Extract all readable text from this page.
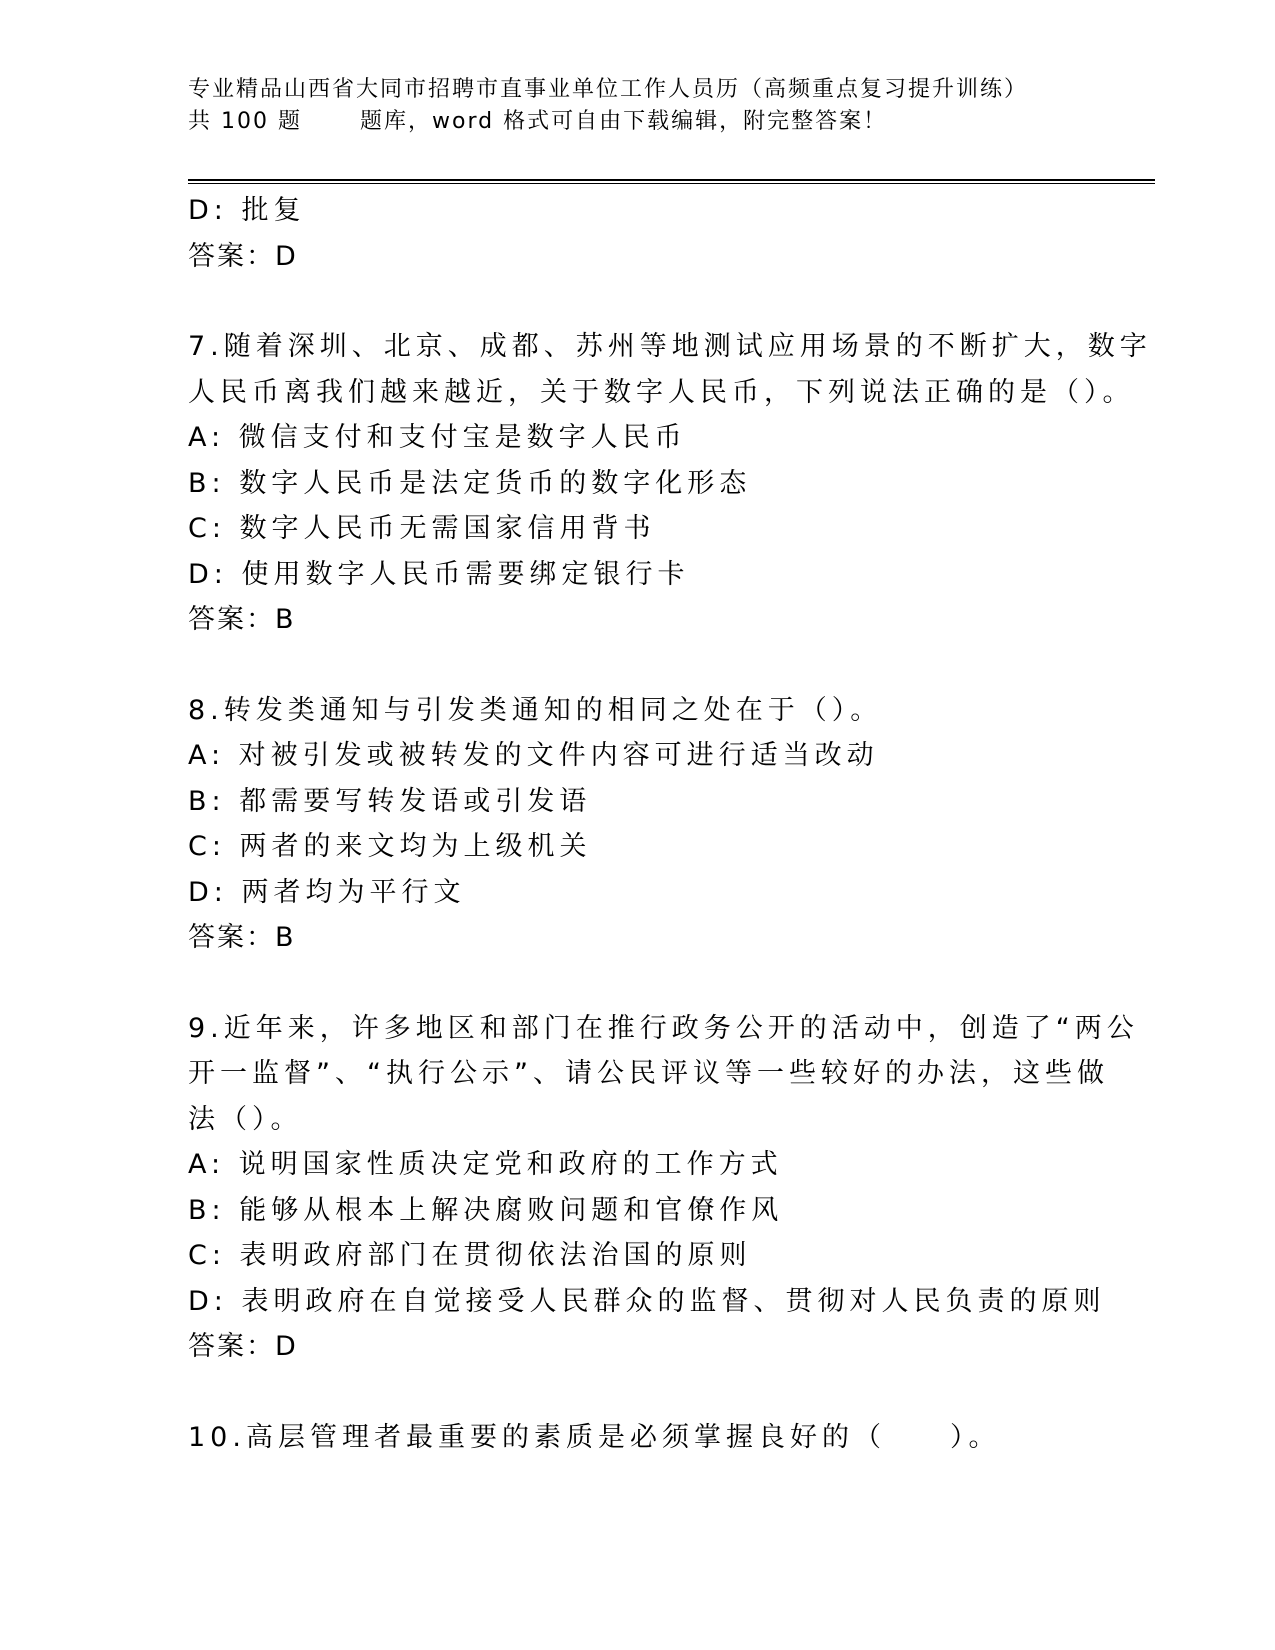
专业精品山西省大同市招聘市直事业单位工作人员历（高频重点复习提升训练）
共 100 题	题库，word 格式可自由下载编辑，附完整答案！
D: 批复
答案：D
7.随着深圳、北京、成都、苏州等地测试应用场景的不断扩大，数字
人民币离我们越来越近，关于数字人民币，下列说法正确的是（）。
A: 微信支付和支付宝是数字人民币
B: 数字人民币是法定货币的数字化形态
C: 数字人民币无需国家信用背书
D: 使用数字人民币需要绑定银行卡
答案：B
8.转发类通知与引发类通知的相同之处在于（）。
A: 对被引发或被转发的文件内容可进行适当改动
B: 都需要写转发语或引发语
C: 两者的来文均为上级机关
D: 两者均为平行文
答案：B
9.近年来，许多地区和部门在推行政务公开的活动中，创造了“两公
开一监督”、“执行公示”、请公民评议等一些较好的办法，这些做
法（）。
A: 说明国家性质决定党和政府的工作方式
B: 能够从根本上解决腐败问题和官僚作风
C: 表明政府部门在贯彻依法治国的原则
D: 表明政府在自觉接受人民群众的监督、贯彻对人民负责的原则
答案：D
10.高层管理者最重要的素质是必须掌握良好的（　　）。
